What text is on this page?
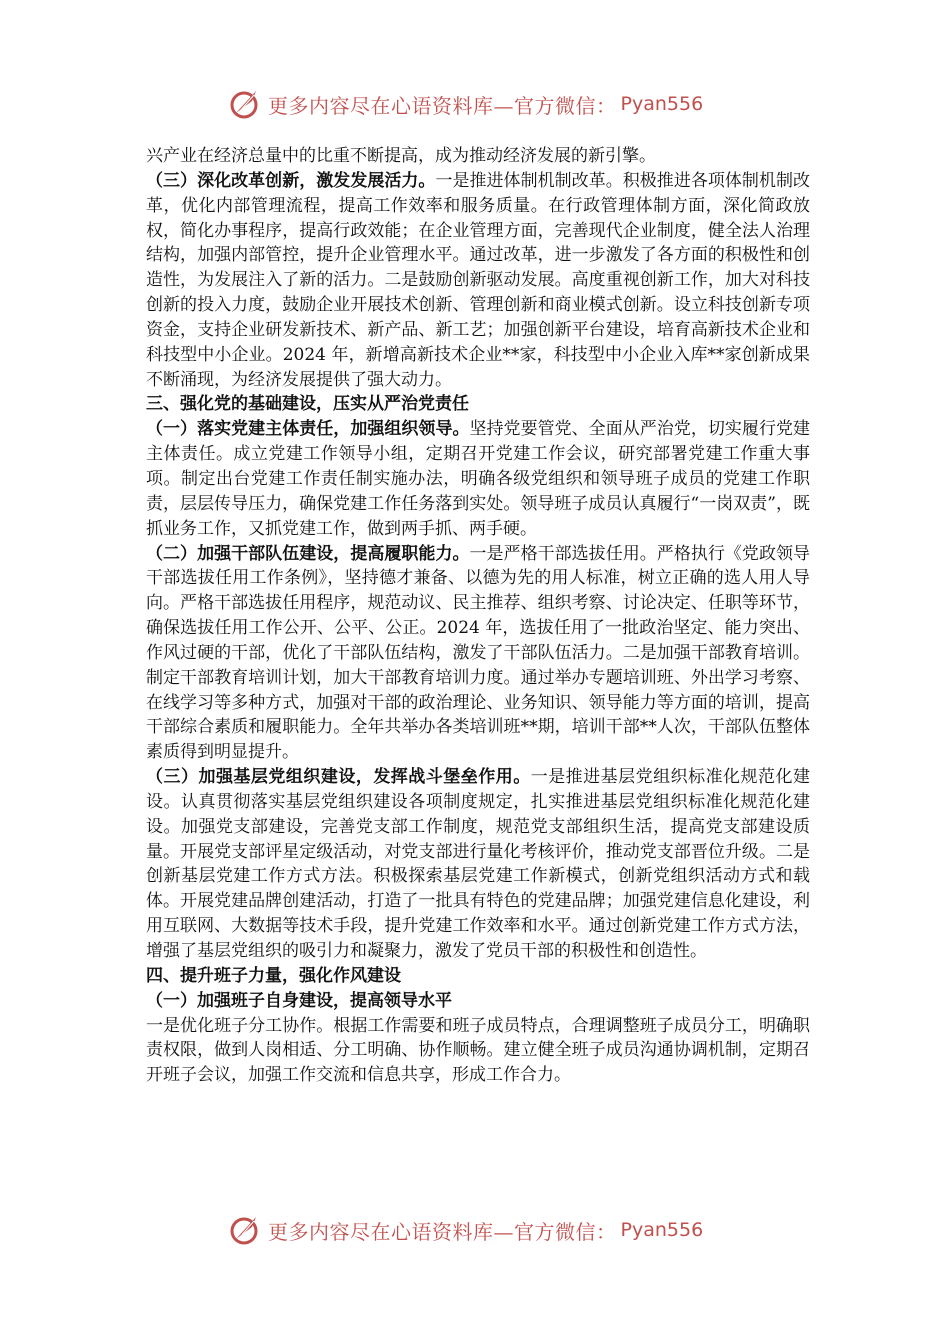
更多内容尽在心语资料库—官方微信： Pyan556

兴产业在经济总量中的比重不断提高，成为推动经济发展的新引擎。

（三）深化改革创新，激发发展活力。一是推进体制机制改革。积极推进各项体制机制改革，优化内部管理流程，提高工作效率和服务质量。在行政管理体制方面，深化简政放权，简化办事程序，提高行政效能；在企业管理方面，完善现代企业制度，健全法人治理结构，加强内部管控，提升企业管理水平。通过改革，进一步激发了各方面的积极性和创造性，为发展注入了新的活力。二是鼓励创新驱动发展。高度重视创新工作，加大对科技创新的投入力度，鼓励企业开展技术创新、管理创新和商业模式创新。设立科技创新专项资金，支持企业研发新技术、新产品、新工艺；加强创新平台建设，培育高新技术企业和科技型中小企业。2024 年，新增高新技术企业**家，科技型中小企业入库**家创新成果不断涌现，为经济发展提供了强大动力。

三、强化党的基础建设，压实从严治党责任

（一）落实党建主体责任，加强组织领导。坚持党要管党、全面从严治党，切实履行党建主体责任。成立党建工作领导小组，定期召开党建工作会议，研究部署党建工作重大事项。制定出台党建工作责任制实施办法，明确各级党组织和领导班子成员的党建工作职责，层层传导压力，确保党建工作任务落到实处。领导班子成员认真履行“一岗双责”，既抓业务工作，又抓党建工作，做到两手抓、两手硬。

（二）加强干部队伍建设，提高履职能力。一是严格干部选拔任用。严格执行《党政领导干部选拔任用工作条例》，坚持德才兼备、以德为先的用人标准，树立正确的选人用人导向。严格干部选拔任用程序，规范动议、民主推荐、组织考察、讨论决定、任职等环节，确保选拔任用工作公开、公平、公正。2024 年，选拔任用了一批政治坚定、能力突出、作风过硬的干部，优化了干部队伍结构，激发了干部队伍活力。二是加强干部教育培训。制定干部教育培训计划，加大干部教育培训力度。通过举办专题培训班、外出学习考察、在线学习等多种方式，加强对干部的政治理论、业务知识、领导能力等方面的培训，提高干部综合素质和履职能力。全年共举办各类培训班**期，培训干部**人次，干部队伍整体素质得到明显提升。

（三）加强基层党组织建设，发挥战斗堡垒作用。一是推进基层党组织标准化规范化建设。认真贯彻落实基层党组织建设各项制度规定，扎实推进基层党组织标准化规范化建设。加强党支部建设，完善党支部工作制度，规范党支部组织生活，提高党支部建设质量。开展党支部评星定级活动，对党支部进行量化考核评价，推动党支部晋位升级。二是创新基层党建工作方式方法。积极探索基层党建工作新模式，创新党组织活动方式和载体。开展党建品牌创建活动，打造了一批具有特色的党建品牌；加强党建信息化建设，利用互联网、大数据等技术手段，提升党建工作效率和水平。通过创新党建工作方式方法，增强了基层党组织的吸引力和凝聚力，激发了党员干部的积极性和创造性。

四、提升班子力量，强化作风建设

（一）加强班子自身建设，提高领导水平

一是优化班子分工协作。根据工作需要和班子成员特点，合理调整班子成员分工，明确职责权限，做到人岗相适、分工明确、协作顺畅。建立健全班子成员沟通协调机制，定期召开班子会议，加强工作交流和信息共享，形成工作合力。

更多内容尽在心语资料库—官方微信： Pyan556
